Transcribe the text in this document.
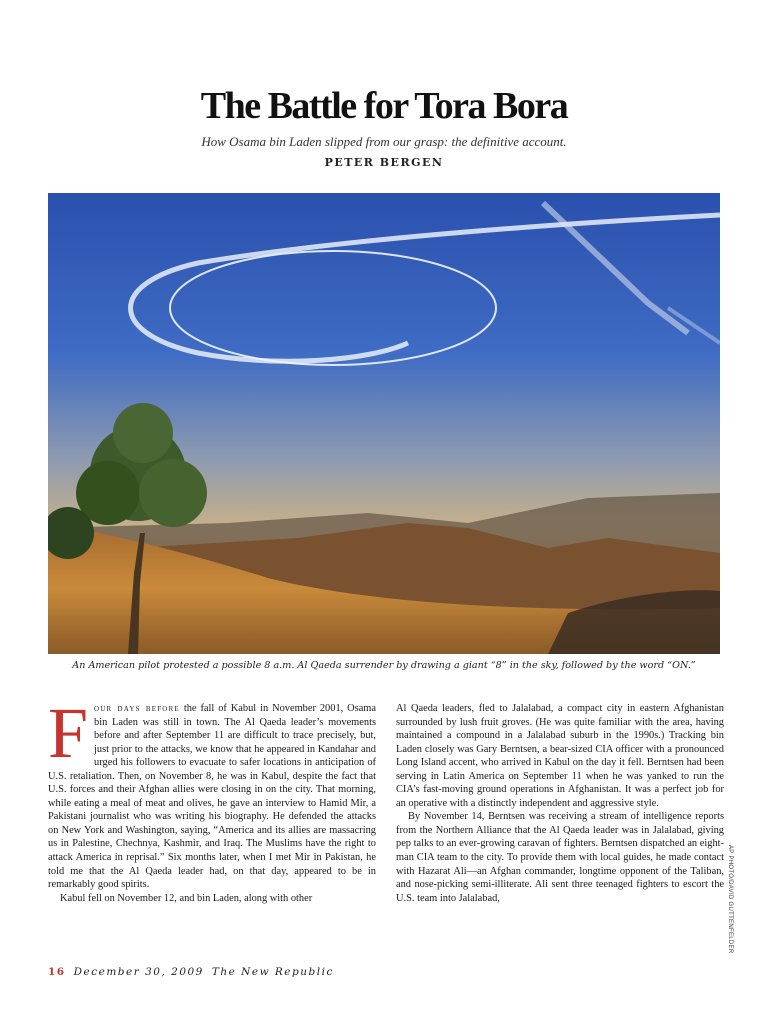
The Battle for Tora Bora
How Osama bin Laden slipped from our grasp: the definitive account.
PETER BERGEN
An American pilot protested a possible 8 a.m. Al Qaeda surrender by drawing a giant “8” in the sky, followed by the word “ON.”
AP PHOTO/DAVID GUTTENFELDER

Four days before the fall of Kabul in November 2001, Osama bin Laden was still in town. The Al Qaeda leader’s movements before and after September 11 are difficult to trace precisely, but, just prior to the attacks, we know that he appeared in Kandahar and urged his followers to evacuate to safer locations in anticipation of U.S. retaliation. Then, on November 8, he was in Kabul, despite the fact that U.S. forces and their Afghan allies were closing in on the city. That morning, while eating a meal of meat and olives, he gave an interview to Hamid Mir, a Pakistani journalist who was writing his biography. He defended the attacks on New York and Washington, saying, “America and its allies are massacring us in Palestine, Chechnya, Kashmir, and Iraq. The Muslims have the right to attack America in reprisal.” Six months later, when I met Mir in Pakistan, he told me that the Al Qaeda leader had, on that day, appeared to be in remarkably good spirits.

Kabul fell on November 12, and bin Laden, along with other

Al Qaeda leaders, fled to Jalalabad, a compact city in eastern Afghanistan surrounded by lush fruit groves. (He was quite familiar with the area, having maintained a compound in a Jalalabad suburb in the 1990s.) Tracking bin Laden closely was Gary Berntsen, a bear-sized CIA officer with a pronounced Long Island accent, who arrived in Kabul on the day it fell. Berntsen had been serving in Latin America on September 11 when he was yanked to run the CIA’s fast-moving ground operations in Afghanistan. It was a perfect job for an operative with a distinctly independent and aggressive style.

By November 14, Berntsen was receiving a stream of intelligence reports from the Northern Alliance that the Al Qaeda leader was in Jalalabad, giving pep talks to an ever-growing caravan of fighters. Berntsen dispatched an eight-man CIA team to the city. To provide them with local guides, he made contact with Hazarat Ali—an Afghan commander, longtime opponent of the Taliban, and nose-picking semi-illiterate. Ali sent three teenaged fighters to escort the U.S. team into Jalalabad,

16 December 30, 2009 The New Republic
